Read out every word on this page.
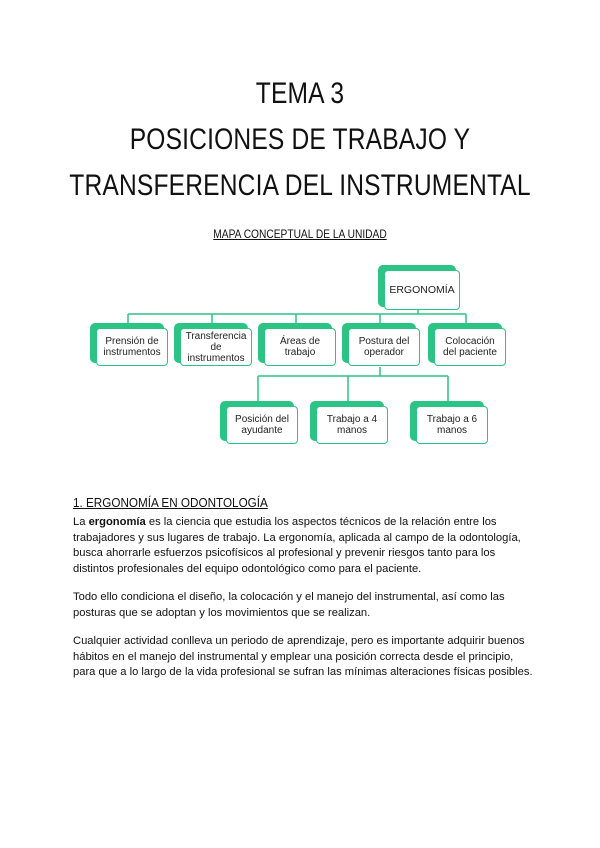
TEMA 3
POSICIONES DE TRABAJO Y
TRANSFERENCIA DEL INSTRUMENTAL
MAPA CONCEPTUAL DE LA UNIDAD
ERGONOMÍA
Prensión de instrumentos
Transferencia de instrumentos
Áreas de trabajo
Postura del operador
Colocación del paciente
Posición del ayudante
Trabajo a 4 manos
Trabajo a 6 manos
1. ERGONOMÍA EN ODONTOLOGÍA

La ergonomía es la ciencia que estudia los aspectos técnicos de la relación entre los trabajadores y sus lugares de trabajo. La ergonomía, aplicada al campo de la odontología, busca ahorrarle esfuerzos psicofísicos al profesional y prevenir riesgos tanto para los distintos profesionales del equipo odontológico como para el paciente.

Todo ello condiciona el diseño, la colocación y el manejo del instrumental, así como las posturas que se adoptan y los movimientos que se realizan.

Cualquier actividad conlleva un periodo de aprendizaje, pero es importante adquirir buenos hábitos en el manejo del instrumental y emplear una posición correcta desde el principio, para que a lo largo de la vida profesional se sufran las mínimas alteraciones físicas posibles.
